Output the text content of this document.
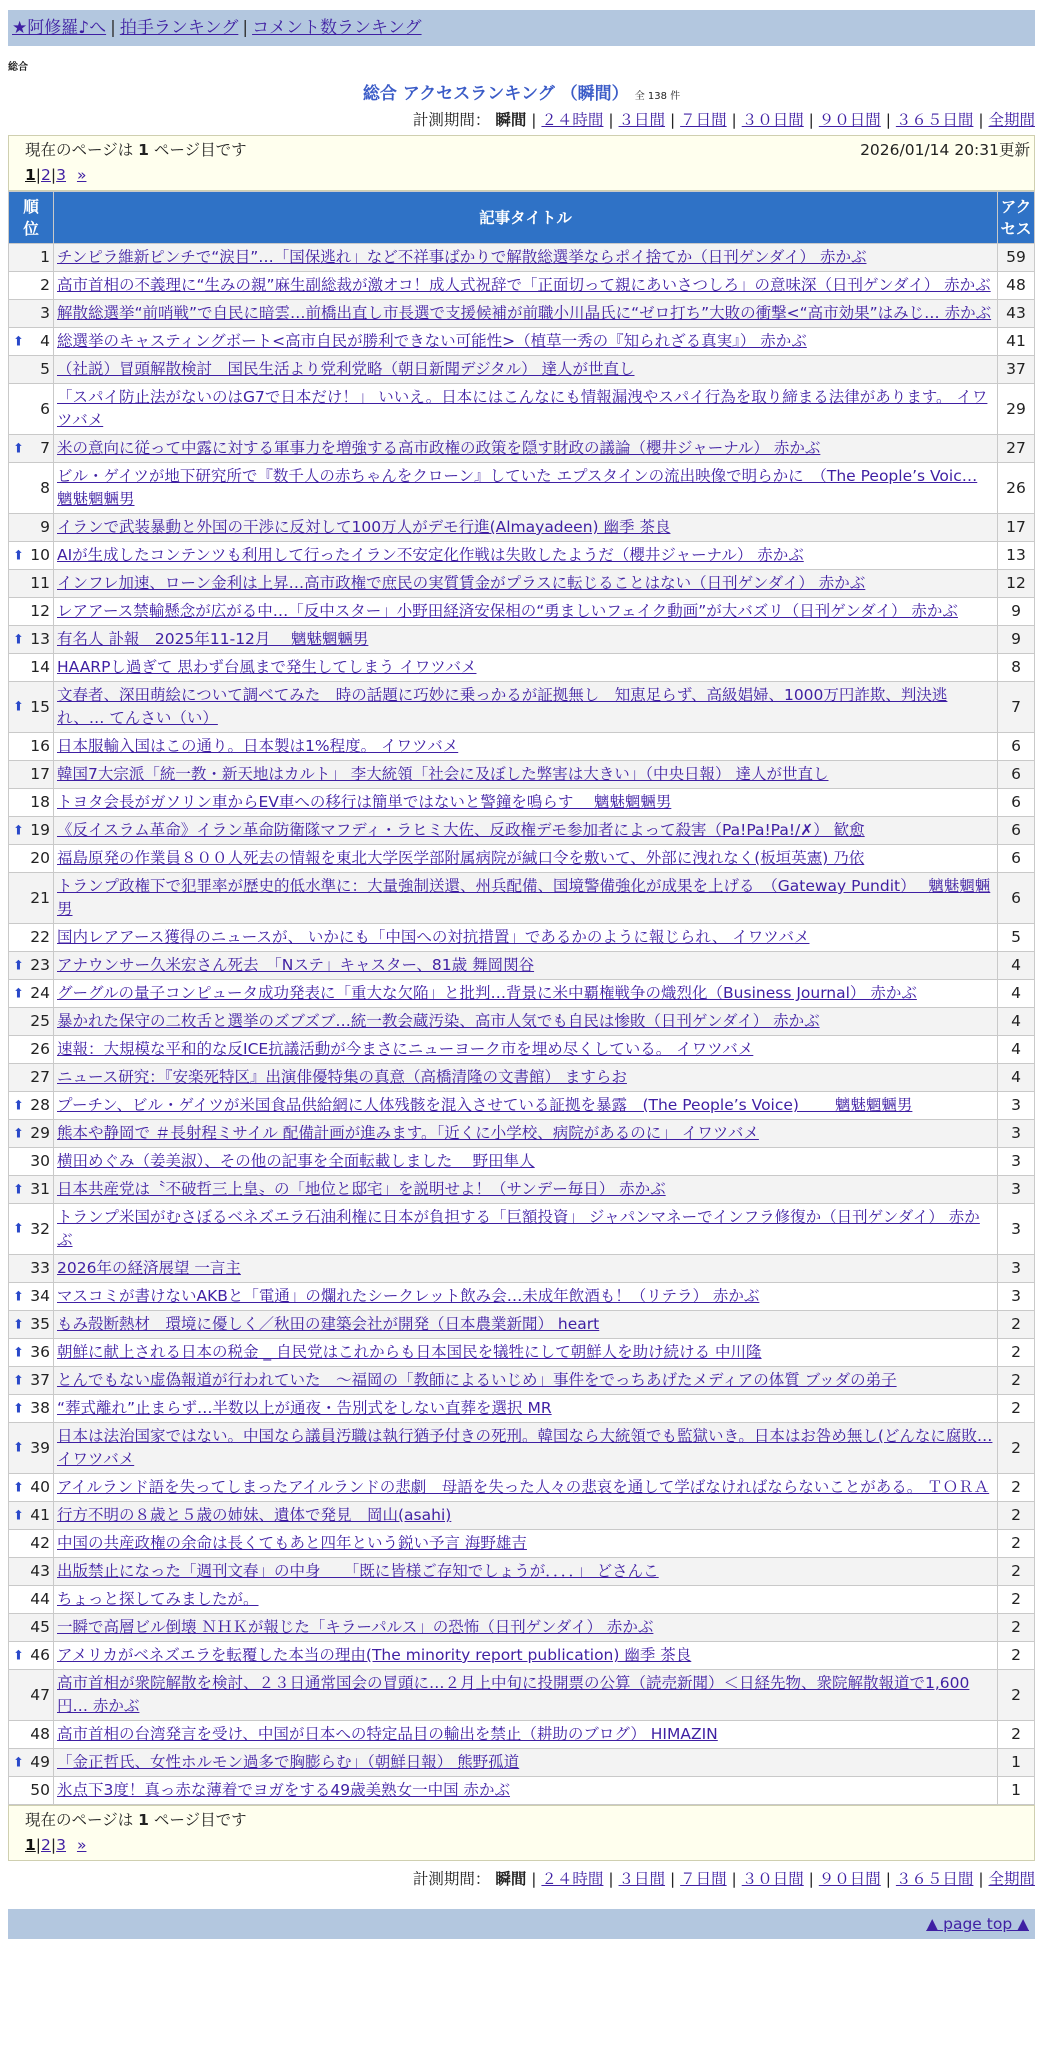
★阿修羅♪へ | 拍手ランキング | コメント数ランキング
総合
総合 アクセスランキング （瞬間） 全 138 件
計測期間： 瞬間 | ２４時間 | ３日間 | ７日間 | ３０日間 | ９０日間 | ３６５日間 | 全期間
現在のページは 1 ページ目です	2026/01/14 20:31更新
1|2|3 »
順
位	記事タイトル	アク
セス
1	チンピラ維新ピンチで“涙目”…「国保逃れ」など不祥事ばかりで解散総選挙ならポイ捨てか（日刊ゲンダイ） 赤かぶ	59
2	高市首相の不義理に“生みの親”麻生副総裁が激オコ！成人式祝辞で「正面切って親にあいさつしろ」の意味深（日刊ゲンダイ） 赤かぶ	48
3	解散総選挙“前哨戦”で自民に暗雲…前橋出直し市長選で支援候補が前職小川晶氏に“ゼロ打ち”大敗の衝撃<“高市効果”はみじ… 赤かぶ	43

⬆ 4	総選挙のキャスティングボート<高市自民が勝利できない可能性>（植草一秀の『知られざる真実』） 赤かぶ	41
5	（社説）冒頭解散検討　国民生活より党利党略（朝日新聞デジタル） 達人が世直し	37
6	「スパイ防止法がないのはG7で日本だけ！」 いいえ。日本にはこんなにも情報漏洩やスパイ行為を取り締まる法律があります。 イワツバメ	29

⬆ 7	米の意向に従って中露に対する軍事力を増強する高市政権の政策を隠す財政の議論（櫻井ジャーナル） 赤かぶ	27
8	ビル・ゲイツが地下研究所で『数千人の赤ちゃんをクローン』していた エプスタインの流出映像で明らかに　（The People’s Voic… 魑魅魍魎男	26
9	イランで武装暴動と外国の干渉に反対して100万人がデモ行進(Almayadeen) 幽季 茶良	17

⬆ 10	AIが生成したコンテンツも利用して行ったイラン不安定化作戦は失敗したようだ（櫻井ジャーナル） 赤かぶ	13
11	インフレ加速、ローン金利は上昇…高市政権で庶民の実質賃金がプラスに転じることはない（日刊ゲンダイ） 赤かぶ	12
12	レアアース禁輸懸念が広がる中…「反中スター」小野田経済安保相の“勇ましいフェイク動画”が大バズリ（日刊ゲンダイ） 赤かぶ	9

⬆ 13	有名人 訃報　2025年11-12月　 魑魅魍魎男	9
14	HAARPし過ぎて 思わず台風まで発生してしまう イワツバメ	8

⬆ 15	文春者、深田萌絵について調べてみた　時の話題に巧妙に乗っかるが証拠無し　知恵足らず、高級娼婦、1000万円詐欺、判決逃れ、… てんさい（い）	7
16	日本服輸入国はこの通り。日本製は1%程度。 イワツバメ	6
17	韓国7大宗派「統一教・新天地はカルト」 李大統領「社会に及ぼした弊害は大きい」（中央日報） 達人が世直し	6
18	トヨタ会長がガソリン車からEV車への移行は簡単ではないと警鐘を鳴らす　 魑魅魍魎男	6

⬆ 19	《反イスラム革命》イラン革命防衛隊マフディ・ラヒミ大佐、反政権デモ参加者によって殺害（Pa!Pa!Pa!/✗） 歓愈	6
20	福島原発の作業員８００人死去の情報を東北大学医学部附属病院が緘口令を敷いて、外部に洩れなく(板垣英憲) 乃依	6
21	トランプ政権下で犯罪率が歴史的低水準に：大量強制送還、州兵配備、国境警備強化が成果を上げる　（Gateway Pundit）　 魑魅魍魎男	6
22	国内レアアース獲得のニュースが、 いかにも「中国への対抗措置」であるかのように報じられ、 イワツバメ	5

⬆ 23	アナウンサー久米宏さん死去　「Nステ」キャスター、81歳 舞岡関谷	4

⬆ 24	グーグルの量子コンピュータ成功発表に「重大な欠陥」と批判…背景に米中覇権戦争の熾烈化（Business Journal） 赤かぶ	4
25	暴かれた保守の二枚舌と選挙のズブズブ…統一教会蔵汚染、高市人気でも自民は惨敗（日刊ゲンダイ） 赤かぶ	4
26	速報：大規模な平和的な反ICE抗議活動が今まさにニューヨーク市を埋め尽くしている。 イワツバメ	4
27	ニュース研究：『安楽死特区』出演俳優特集の真意（高橋清隆の文書館） ますらお	4

⬆ 28	プーチン、ビル・ゲイツが米国食品供給網に人体残骸を混入させている証拠を暴露　(The People’s Voice)　　 魑魅魍魎男	3

⬆ 29	熊本や静岡で ＃長射程ミサイル 配備計画が進みます。「近くに小学校、病院があるのに」 イワツバメ	3
30	横田めぐみ（姜美淑）、その他の記事を全面転載しました　 野田隼人	3

⬆ 31	日本共産党は〝不破哲三上皇〟の「地位と邸宅」を説明せよ！（サンデー毎日） 赤かぶ	3

⬆ 32	トランプ米国がむさぼるベネズエラ石油利権に日本が負担する「巨額投資」 ジャパンマネーでインフラ修復か（日刊ゲンダイ） 赤かぶ	3
33	2026年の経済展望 一言主	3

⬆ 34	マスコミが書けないAKBと「電通」の爛れたシークレット飲み会…未成年飲酒も！（リテラ） 赤かぶ	3

⬆ 35	もみ殻断熱材　環境に優しく／秋田の建築会社が開発（日本農業新聞） heart	2

⬆ 36	朝鮮に献上される日本の税金 _ 自民党はこれからも日本国民を犠牲にして朝鮮人を助け続ける 中川隆	2

⬆ 37	とんでもない虚偽報道が行われていた　～福岡の「教師によるいじめ」事件をでっちあげたメディアの体質 ブッダの弟子	2

⬆ 38	“葬式離れ”止まらず…半数以上が通夜・告別式をしない直葬を選択 MR	2

⬆ 39	日本は法治国家ではない。中国なら議員汚職は執行猶予付きの死刑。韓国なら大統領でも監獄いき。日本はお咎め無し(どんなに腐敗… イワツバメ	2

⬆ 40	アイルランド語を失ってしまったアイルランドの悲劇　母語を失った人々の悲哀を通して学ばなければならないことがある。 ＴＯＲＡ	2

⬆ 41	行方不明の８歳と５歳の姉妹、遺体で発見　岡山(asahi)	2
42	中国の共産政権の余命は長くてもあと四年という鋭い予言 海野雄吉	2
43	出版禁止になった「週刊文春」の中身　　「既に皆様ご存知でしょうが．．．．」 どさんこ	2
44	ちょっと探してみましたが。	2
45	一瞬で高層ビル倒壊 ＮＨＫが報じた「キラーパルス」の恐怖（日刊ゲンダイ） 赤かぶ	2

⬆ 46	アメリカがベネズエラを転覆した本当の理由(The minority report publication) 幽季 茶良	2
47	高市首相が衆院解散を検討、２３日通常国会の冒頭に…２月上中旬に投開票の公算（読売新聞）＜日経先物、衆院解散報道で1,600円… 赤かぶ	2
48	高市首相の台湾発言を受け、中国が日本への特定品目の輸出を禁止（耕助のブログ） HIMAZIN	2

⬆ 49	「金正哲氏、女性ホルモン過多で胸膨らむ」（朝鮮日報） 熊野孤道	1
50	氷点下3度！真っ赤な薄着でヨガをする49歳美熟女一中国 赤かぶ	1
現在のページは 1 ページ目です
1|2|3 »
計測期間： 瞬間 | ２４時間 | ３日間 | ７日間 | ３０日間 | ９０日間 | ３６５日間 | 全期間
▲ page top ▲
